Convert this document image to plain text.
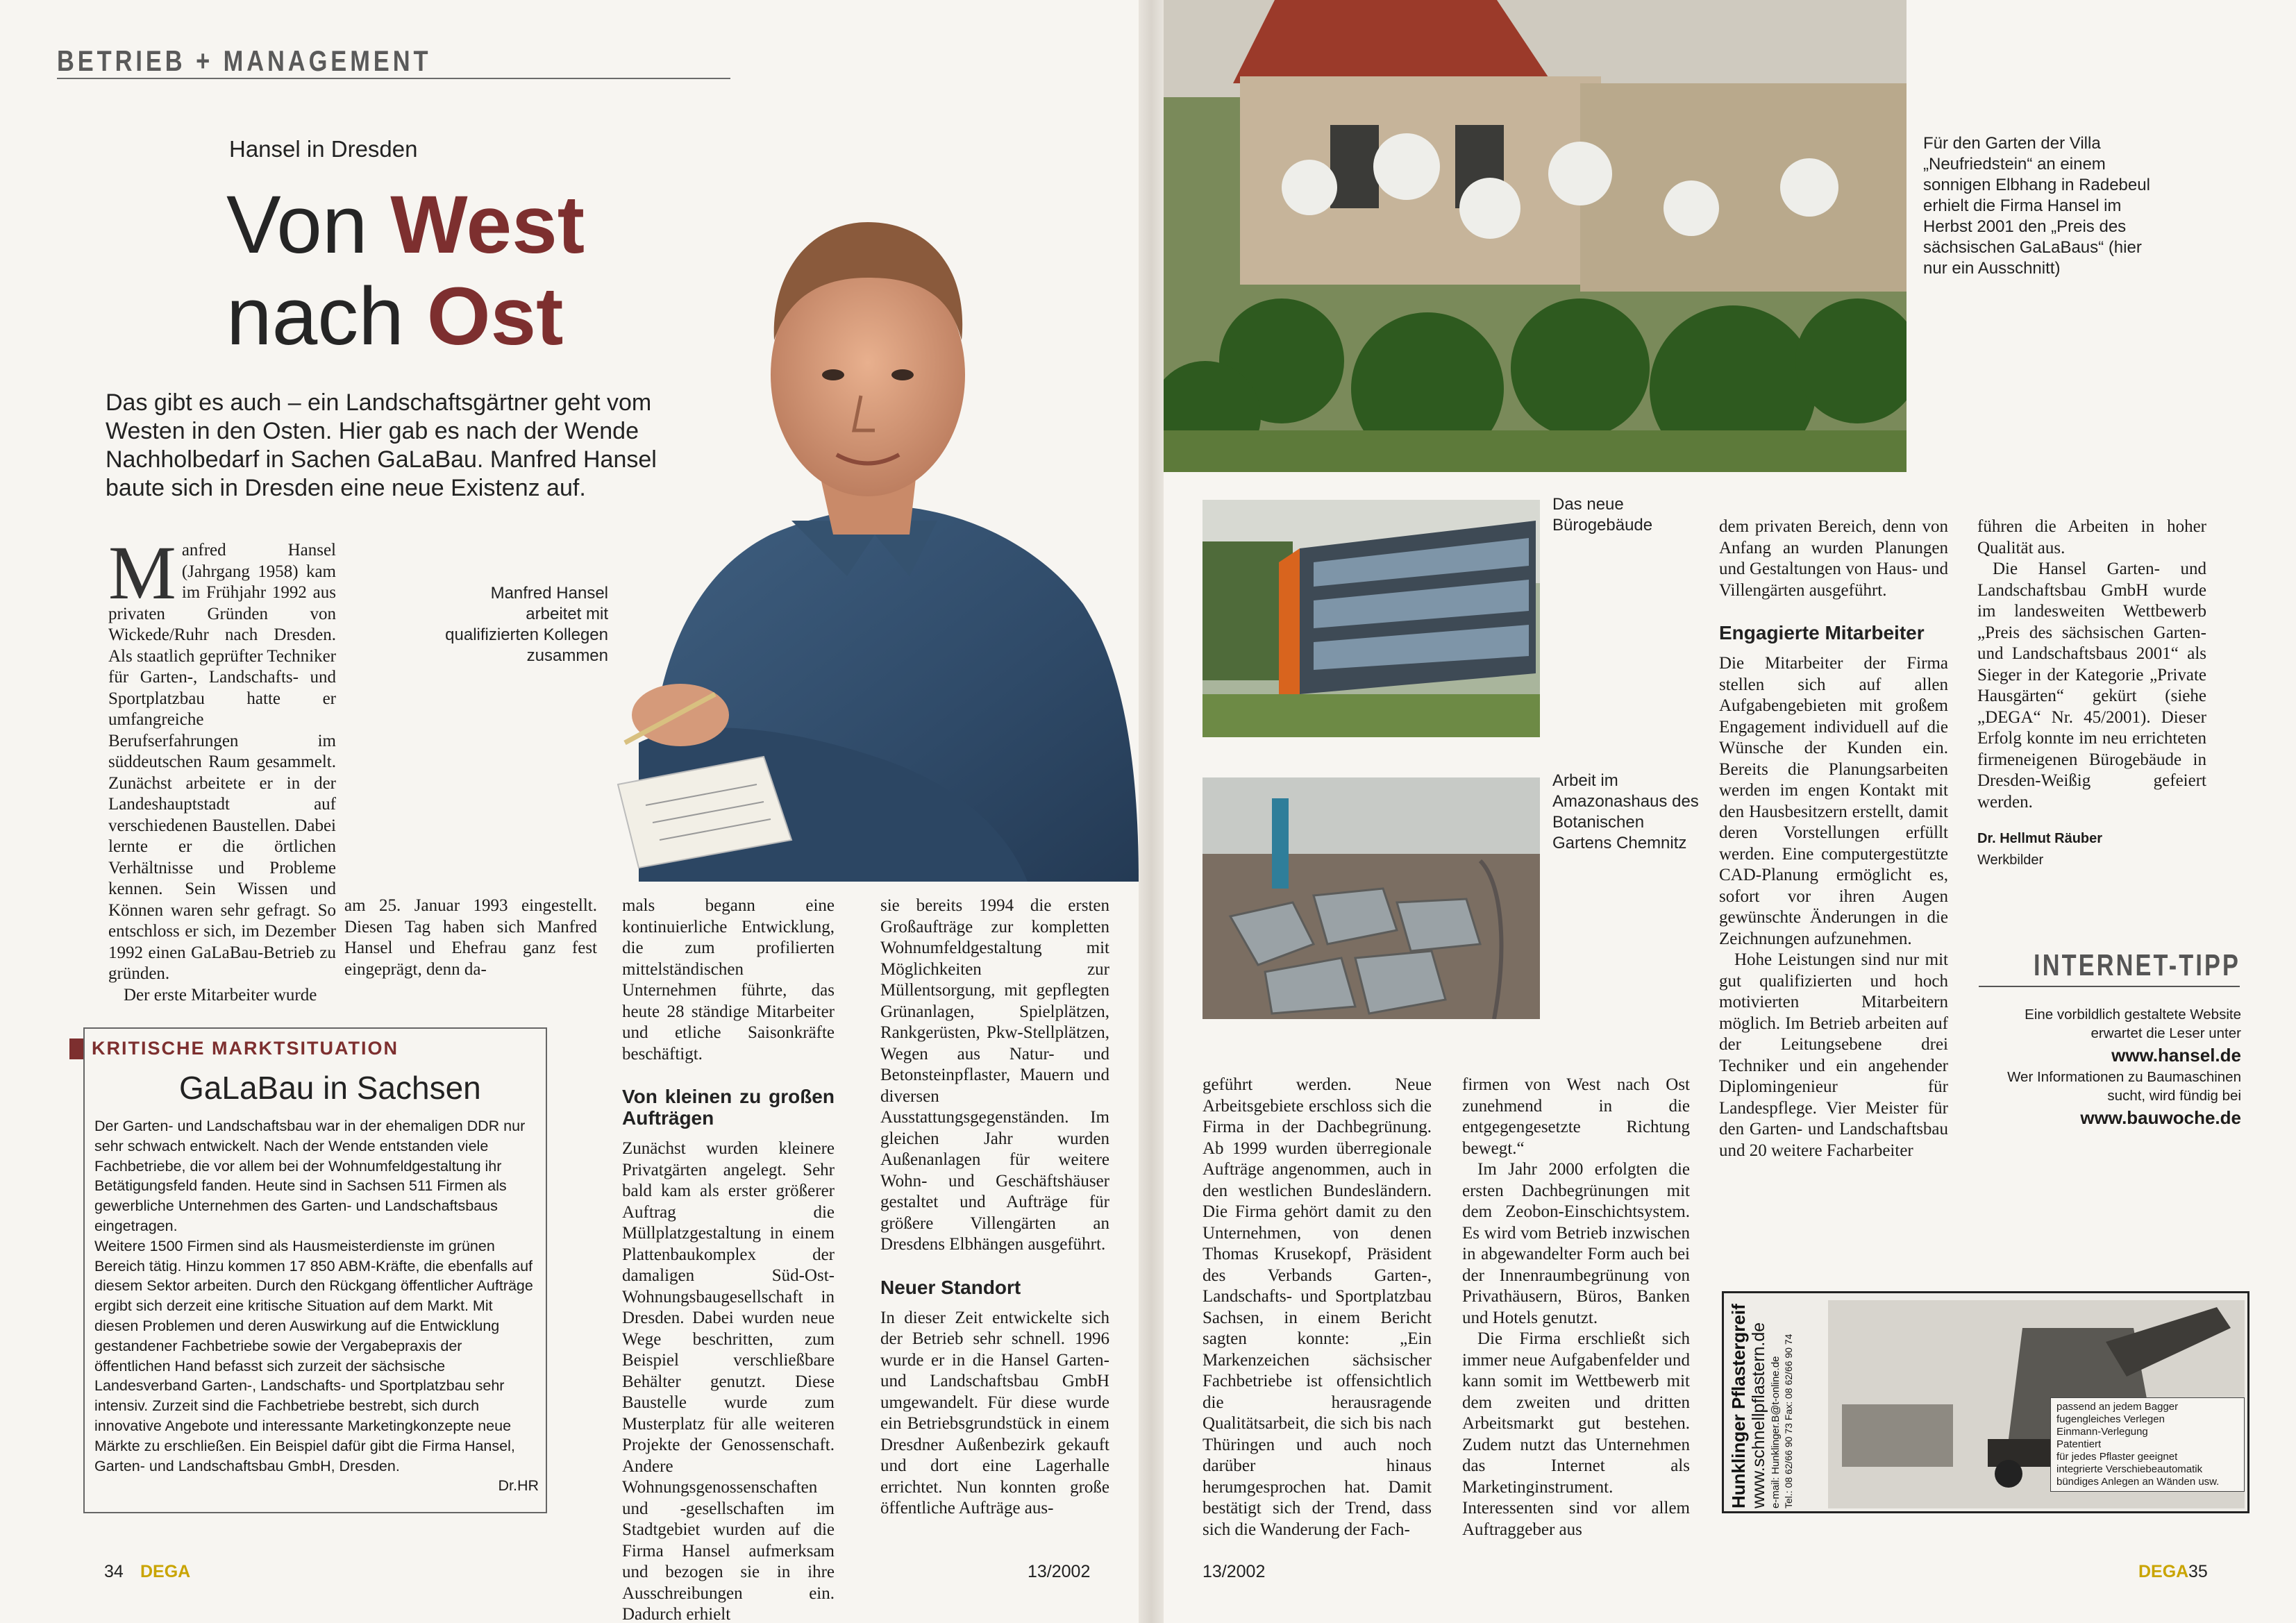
BETRIEB + MANAGEMENT
Hansel in Dresden
Von West
nach Ost
Das gibt es auch – ein Landschaftsgärtner geht vom Westen in den Osten. Hier gab es nach der Wende Nachholbedarf in Sachen GaLaBau. Manfred Hansel baute sich in Dresden eine neue Existenz auf.
Manfred Hansel arbeitet mit qualifizierten Kollegen zusammen
M anfred Hansel (Jahrgang 1958) kam im Frühjahr 1992 aus privaten Gründen von Wickede/Ruhr nach Dresden. Als staatlich geprüfter Techniker für Garten-, Landschafts- und Sportplatzbau hatte er umfangreiche Berufserfahrungen im süddeutschen Raum gesammelt. Zunächst arbeitete er in der Landeshauptstadt auf verschiedenen Baustellen. Dabei lernte er die örtlichen Verhältnisse und Probleme kennen. Sein Wissen und Können waren sehr gefragt. So entschloss er sich, im Dezember 1992 einen GaLaBau-Betrieb zu gründen.
Der erste Mitarbeiter wurde
am 25. Januar 1993 eingestellt. Diesen Tag haben sich Manfred Hansel und Ehefrau ganz fest eingeprägt, denn da-
mals begann eine kontinuierliche Entwicklung, die zum profilierten mittelständischen Unternehmen führte, das heute 28 ständige Mitarbeiter und etliche Saisonkräfte beschäftigt.
Von kleinen zu großen Aufträgen
Zunächst wurden kleinere Privatgärten angelegt. Sehr bald kam als erster größerer Auftrag die Müllplatzgestaltung in einem Plattenbaukomplex der damaligen Süd-Ost-Wohnungsbaugesellschaft in Dresden. Dabei wurden neue Wege beschritten, zum Beispiel verschließbare Behälter genutzt. Diese Baustelle wurde zum Musterplatz für alle weiteren Projekte der Genossenschaft. Andere Wohnungsgenossenschaften und -gesellschaften im Stadtgebiet wurden auf die Firma Hansel aufmerksam und bezogen sie in ihre Ausschreibungen ein. Dadurch erhielt
sie bereits 1994 die ersten Großaufträge zur kompletten Wohnumfeldgestaltung mit Möglichkeiten zur Müllentsorgung, mit gepflegten Grünanlagen, Spielplätzen, Rankgerüsten, Pkw-Stellplätzen, Wegen aus Natur- und Betonsteinpflaster, Mauern und diversen Ausstattungsgegenständen. Im gleichen Jahr wurden Außenanlagen für weitere Wohn- und Geschäftshäuser gestaltet und Aufträge für größere Villengärten an Dresdens Elbhängen ausgeführt.
Neuer Standort
In dieser Zeit entwickelte sich der Betrieb sehr schnell. 1996 wurde er in die Hansel Garten- und Landschaftsbau GmbH umgewandelt. Für diese wurde ein Betriebsgrundstück in einem Dresdner Außenbezirk gekauft und dort eine Lagerhalle errichtet. Nun konnten große öffentliche Aufträge aus-
KRITISCHE MARKTSITUATION
GaLaBau in Sachsen
Der Garten- und Landschaftsbau war in der ehemaligen DDR nur sehr schwach entwickelt. Nach der Wende entstanden viele Fachbetriebe, die vor allem bei der Wohnumfeldgestaltung ihr Betätigungsfeld fanden. Heute sind in Sachsen 511 Firmen als gewerbliche Unternehmen des Garten- und Landschaftsbaus eingetragen.
Weitere 1500 Firmen sind als Hausmeisterdienste im grünen Bereich tätig. Hinzu kommen 17 850 ABM-Kräfte, die ebenfalls auf diesem Sektor arbeiten. Durch den Rückgang öffentlicher Aufträge ergibt sich derzeit eine kritische Situation auf dem Markt. Mit diesen Problemen und deren Auswirkung auf die Entwicklung gestandener Fachbetriebe sowie der Vergabepraxis der öffentlichen Hand befasst sich zurzeit der sächsische Landesverband Garten-, Landschafts- und Sportplatzbau sehr intensiv. Zurzeit sind die Fachbetriebe bestrebt, sich durch innovative Angebote und interessante Marketingkonzepte neue Märkte zu erschließen. Ein Beispiel dafür gibt die Firma Hansel, Garten- und Landschaftsbau GmbH, Dresden.
Dr.HR
34 DEGA	13/2002
Für den Garten der Villa „Neufriedstein“ an einem sonnigen Elbhang in Radebeul erhielt die Firma Hansel im Herbst 2001 den „Preis des sächsischen GaLaBaus“ (hier nur ein Ausschnitt)
Das neue Bürogebäude
Arbeit im Amazonashaus des Botanischen Gartens Chemnitz
geführt werden. Neue Arbeitsgebiete erschloss sich die Firma in der Dachbegrünung. Ab 1999 wurden überregionale Aufträge angenommen, auch in den westlichen Bundesländern. Die Firma gehört damit zu den Unternehmen, von denen Thomas Krusekopf, Präsident des Verbands Garten-, Landschafts- und Sportplatzbau Sachsen, in einem Bericht sagten konnte: „Ein Markenzeichen sächsischer Fachbetriebe ist offensichtlich die herausragende Qualitätsarbeit, die sich bis nach Thüringen und auch noch darüber hinaus herumgesprochen hat. Damit bestätigt sich der Trend, dass sich die Wanderung der Fach-
firmen von West nach Ost zunehmend in die entgegengesetzte Richtung bewegt.“
Im Jahr 2000 erfolgten die ersten Dachbegrünungen mit dem Zeobon-Einschichtsystem. Es wird vom Betrieb inzwischen in abgewandelter Form auch bei der Innenraumbegrünung von Privathäusern, Büros, Banken und Hotels genutzt.
Die Firma erschließt sich immer neue Aufgabenfelder und kann somit im Wettbewerb mit dem zweiten und dritten Arbeitsmarkt gut bestehen. Zudem nutzt das Unternehmen das Internet als Marketinginstrument. Interessenten sind vor allem Auftraggeber aus
dem privaten Bereich, denn von Anfang an wurden Planungen und Gestaltungen von Haus- und Villengärten ausgeführt.
Engagierte Mitarbeiter
Die Mitarbeiter der Firma stellen sich auf allen Aufgabengebieten mit großem Engagement individuell auf die Wünsche der Kunden ein. Bereits die Planungsarbeiten werden im engen Kontakt mit den Hausbesitzern erstellt, damit deren Vorstellungen erfüllt werden. Eine computergestützte CAD-Planung ermöglicht es, sofort vor ihren Augen gewünschte Änderungen in die Zeichnungen aufzunehmen.
Hohe Leistungen sind nur mit gut qualifizierten und hoch motivierten Mitarbeitern möglich. Im Betrieb arbeiten auf der Leitungsebene drei Techniker und ein angehender Diplomingenieur für Landespflege. Vier Meister für den Garten- und Landschaftsbau und 20 weitere Facharbeiter
führen die Arbeiten in hoher Qualität aus.
Die Hansel Garten- und Landschaftsbau GmbH wurde im landesweiten Wettbewerb „Preis des sächsischen Garten- und Landschaftsbaus 2001“ als Sieger in der Kategorie „Private Hausgärten“ gekürt (siehe „DEGA“ Nr. 45/2001). Dieser Erfolg konnte im neu errichteten firmeneigenen Bürogebäude in Dresden-Weißig gefeiert werden.
Dr. Hellmut Räuber
Werkbilder
INTERNET-TIPP
Eine vorbildlich gestaltete Website erwartet die Leser unter
www.hansel.de
Wer Informationen zu Baumaschinen sucht, wird fündig bei
www.bauwoche.de
Hunklinger Pflastergreif www.schnellpflastern.de e-mail: Hunklinger.B@t-online.de Tel.: 08 62/66 90 73 Fax: 08 62/66 90 74	passend an jedem Bagger
fugengleiches Verlegen
Einmann-Verlegung
Patentiert
für jedes Pflaster geeignet
integrierte Verschiebeautomatik
bündiges Anlegen an Wänden usw.
13/2002	DEGA 35
